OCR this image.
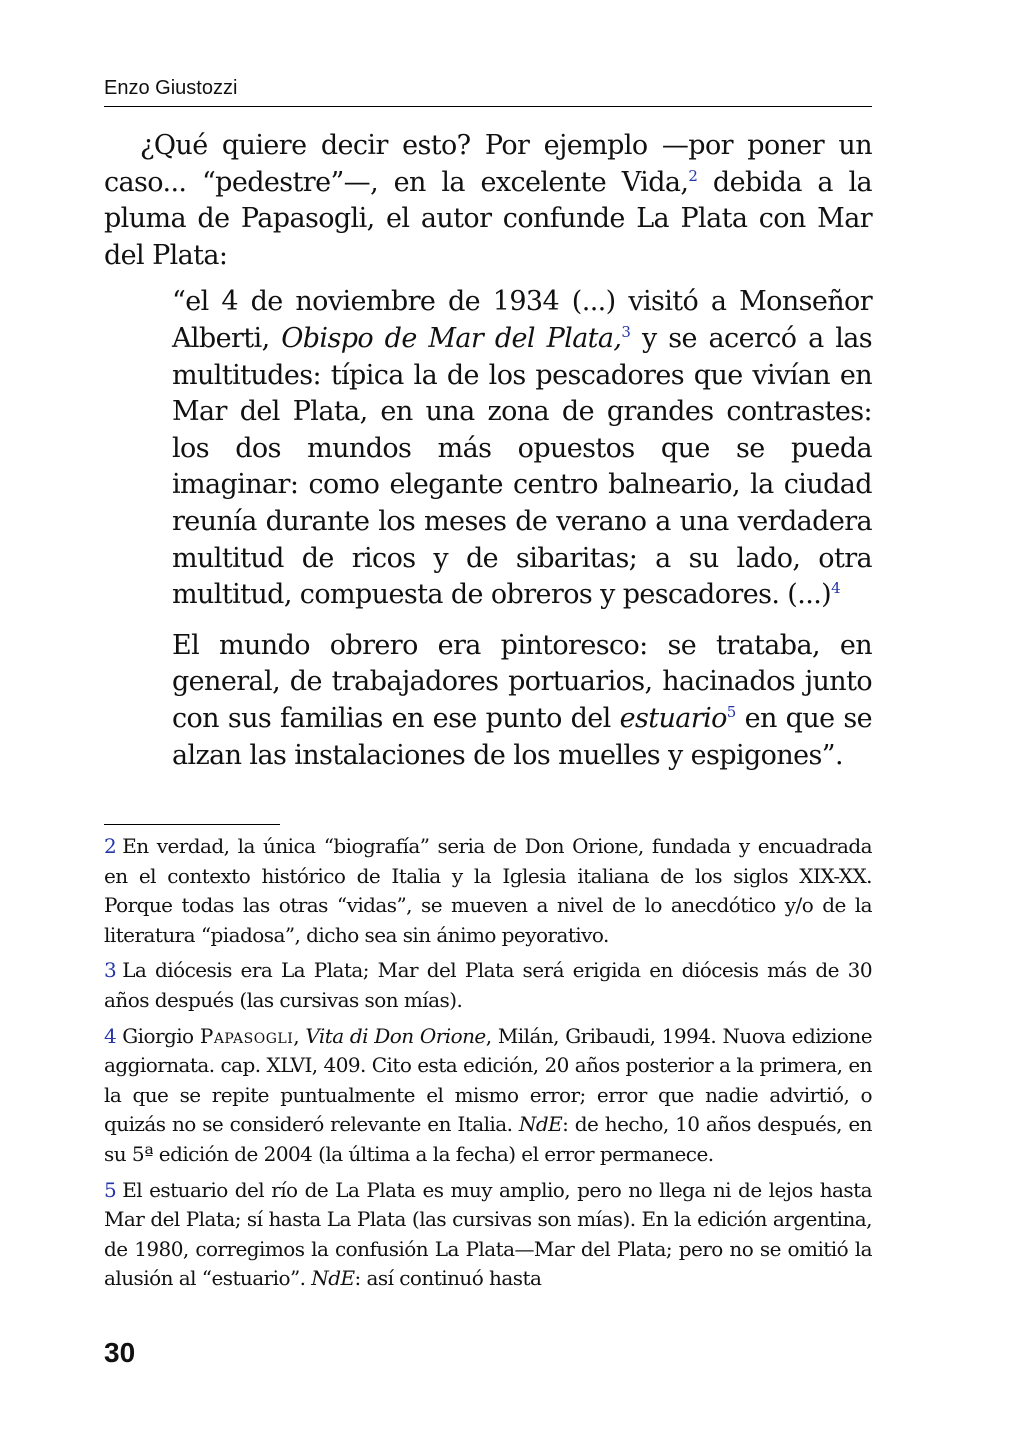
Enzo Giustozzi

¿Qué quiere decir esto? Por ejemplo —por poner un caso... “pedestre”—, en la excelente Vida,$^2$ debida a la pluma de Papasogli, el autor confunde La Plata con Mar del Plata:

“el 4 de noviembre de 1934 (...) visitó a Monseñor Alberti, Obispo de Mar del Plata,$^3$ y se acercó a las multitudes: típica la de los pescadores que vivían en Mar del Plata, en una zona de grandes contrastes: los dos mundos más opuestos que se pueda imaginar: como elegante centro balneario, la ciudad reunía durante los meses de verano a una verdadera multitud de ricos y de sibaritas; a su lado, otra multitud, compuesta de obreros y pescadores. (...)$^4$

El mundo obrero era pintoresco: se trataba, en general, de trabajadores portuarios, hacinados junto con sus familias en ese punto del estuario$^5$ en que se alzan las instalaciones de los muelles y espigones”.

2 En verdad, la única “biografía” seria de Don Orione, fundada y encuadrada en el contexto histórico de Italia y la Iglesia italiana de los siglos XIX-XX. Porque todas las otras “vidas”, se mueven a nivel de lo anecdótico y/o de la literatura “piadosa”, dicho sea sin ánimo peyorativo.

3 La diócesis era La Plata; Mar del Plata será erigida en diócesis más de 30 años después (las cursivas son mías).

4 Giorgio Papasogli, Vita di Don Orione, Milán, Gribaudi, 1994. Nuova edizione aggiornata. cap. XLVI, 409. Cito esta edición, 20 años posterior a la primera, en la que se repite puntualmente el mismo error; error que nadie advirtió, o quizás no se consideró relevante en Italia. NdE: de hecho, 10 años después, en su 5ª edición de 2004 (la última a la fecha) el error permanece.

5 El estuario del río de La Plata es muy amplio, pero no llega ni de lejos hasta Mar del Plata; sí hasta La Plata (las cursivas son mías). En la edición argentina, de 1980, corregimos la confusión La Plata—Mar del Plata; pero no se omitió la alusión al “estuario”. NdE: así continuó hasta

30
